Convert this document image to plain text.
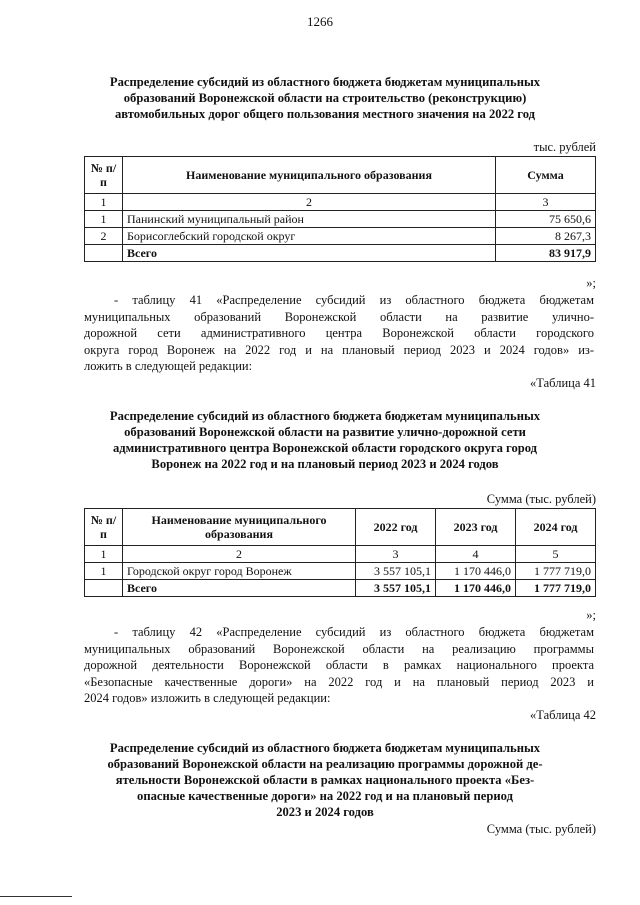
1266
Распределение субсидий из областного бюджета бюджетам муниципальных
образований Воронежской области на строительство (реконструкцию)
автомобильных дорог общего пользования местного значения на 2022 год
тыс. рублей
№ п/п	Наименование муниципального образования	Сумма
1	2	3
1	Панинский муниципальный район	75 650,6
2	Борисоглебский городской округ	8 267,3
	Всего	83 917,9
»;
- таблицу 41 «Распределение субсидий из областного бюджета бюджетам
муниципальных образований Воронежской области на развитие улично-
дорожной сети административного центра Воронежской области городского
округа город Воронеж на 2022 год и на плановый период 2023 и 2024 годов» из-
ложить в следующей редакции:
«Таблица 41
Распределение субсидий из областного бюджета бюджетам муниципальных
образований Воронежской области на развитие улично-дорожной сети
административного центра Воронежской области городского округа город
Воронеж на 2022 год и на плановый период 2023 и 2024 годов
Сумма (тыс. рублей)
№ п/п	Наименование муниципального образования	2022 год	2023 год	2024 год
1	2	3	4	5
1	Городской округ город Воронеж	3 557 105,1	1 170 446,0	1 777 719,0
	Всего	3 557 105,1	1 170 446,0	1 777 719,0
»;
- таблицу 42 «Распределение субсидий из областного бюджета бюджетам
муниципальных образований Воронежской области на реализацию программы
дорожной деятельности Воронежской области в рамках национального проекта
«Безопасные качественные дороги» на 2022 год и на плановый период 2023 и
2024 годов» изложить в следующей редакции:
«Таблица 42
Распределение субсидий из областного бюджета бюджетам муниципальных
образований Воронежской области на реализацию программы дорожной де-
ятельности Воронежской области в рамках национального проекта «Без-
опасные качественные дороги» на 2022 год и на плановый период
2023 и 2024 годов
Сумма (тыс. рублей)
